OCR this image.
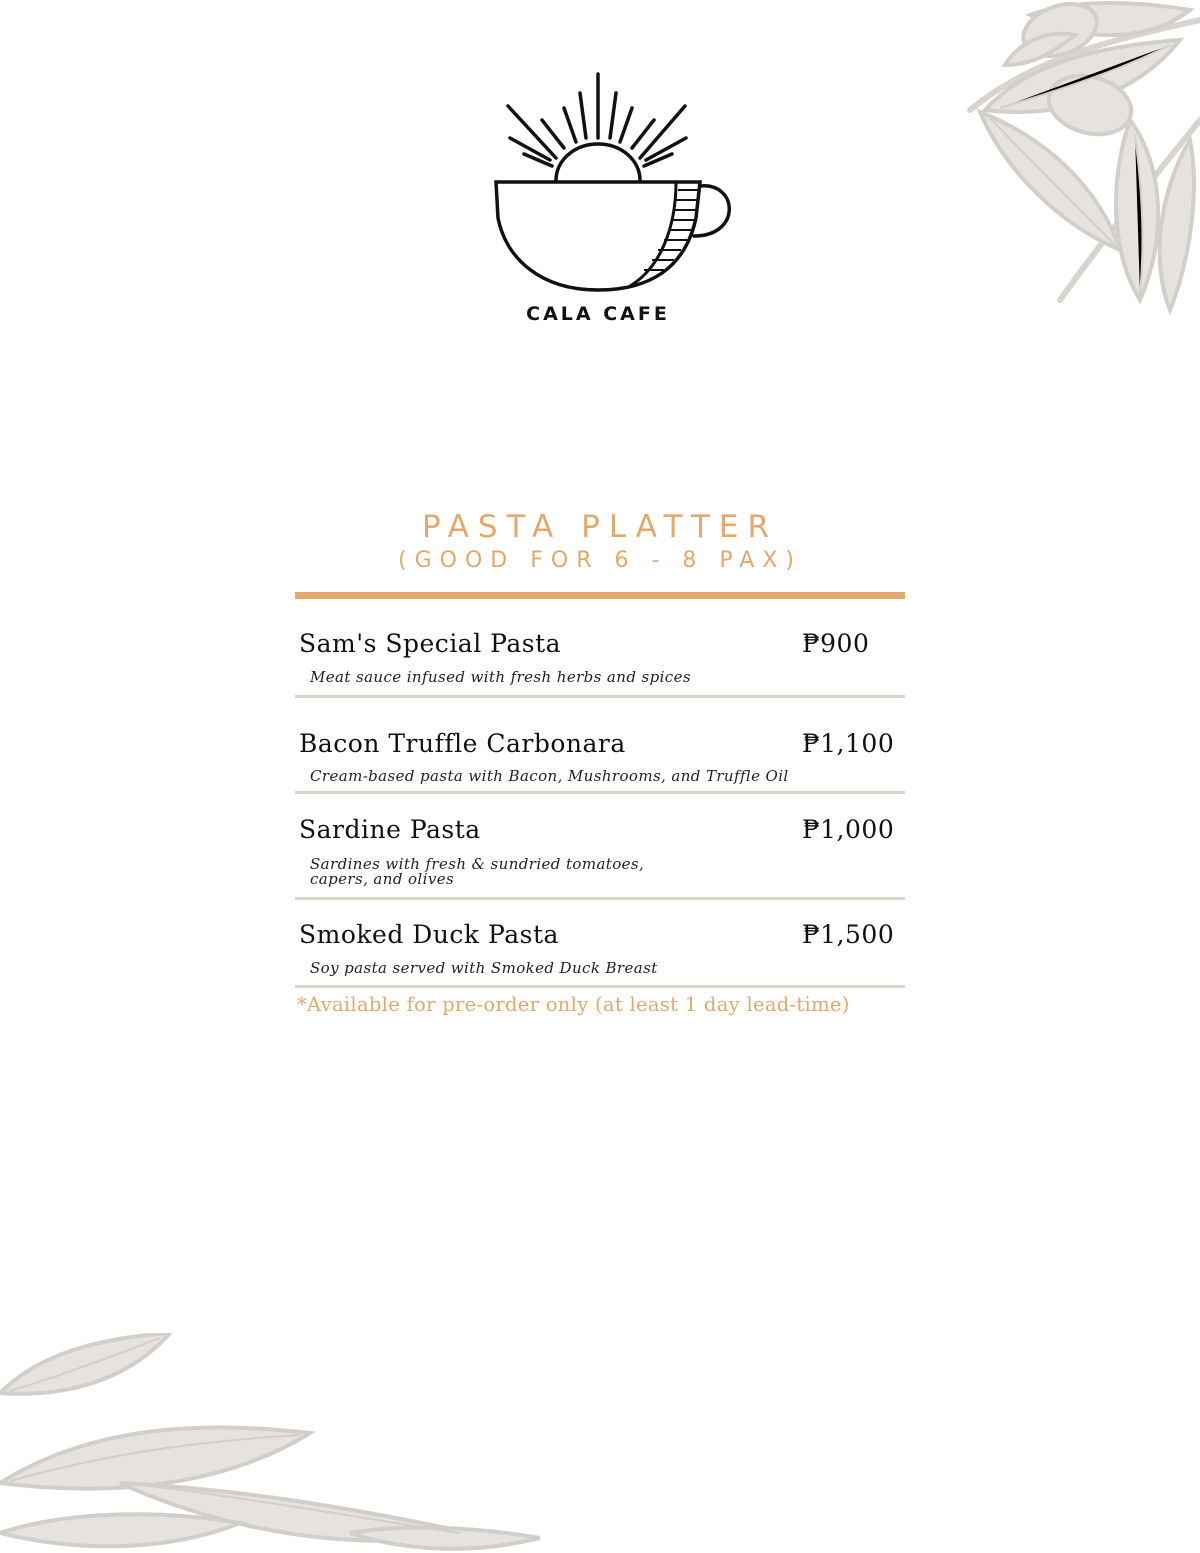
CALA CAFE
PASTA PLATTER
(GOOD FOR 6 - 8 PAX)
Sam's Special Pasta	₱900
Meat sauce infused with fresh herbs and spices
Bacon Truffle Carbonara	₱1,100
Cream-based pasta with Bacon, Mushrooms, and Truffle Oil
Sardine Pasta	₱1,000
Sardines with fresh & sundried tomatoes, capers, and olives
Smoked Duck Pasta	₱1,500
Soy pasta served with Smoked Duck Breast
*Available for pre-order only (at least 1 day lead-time)
